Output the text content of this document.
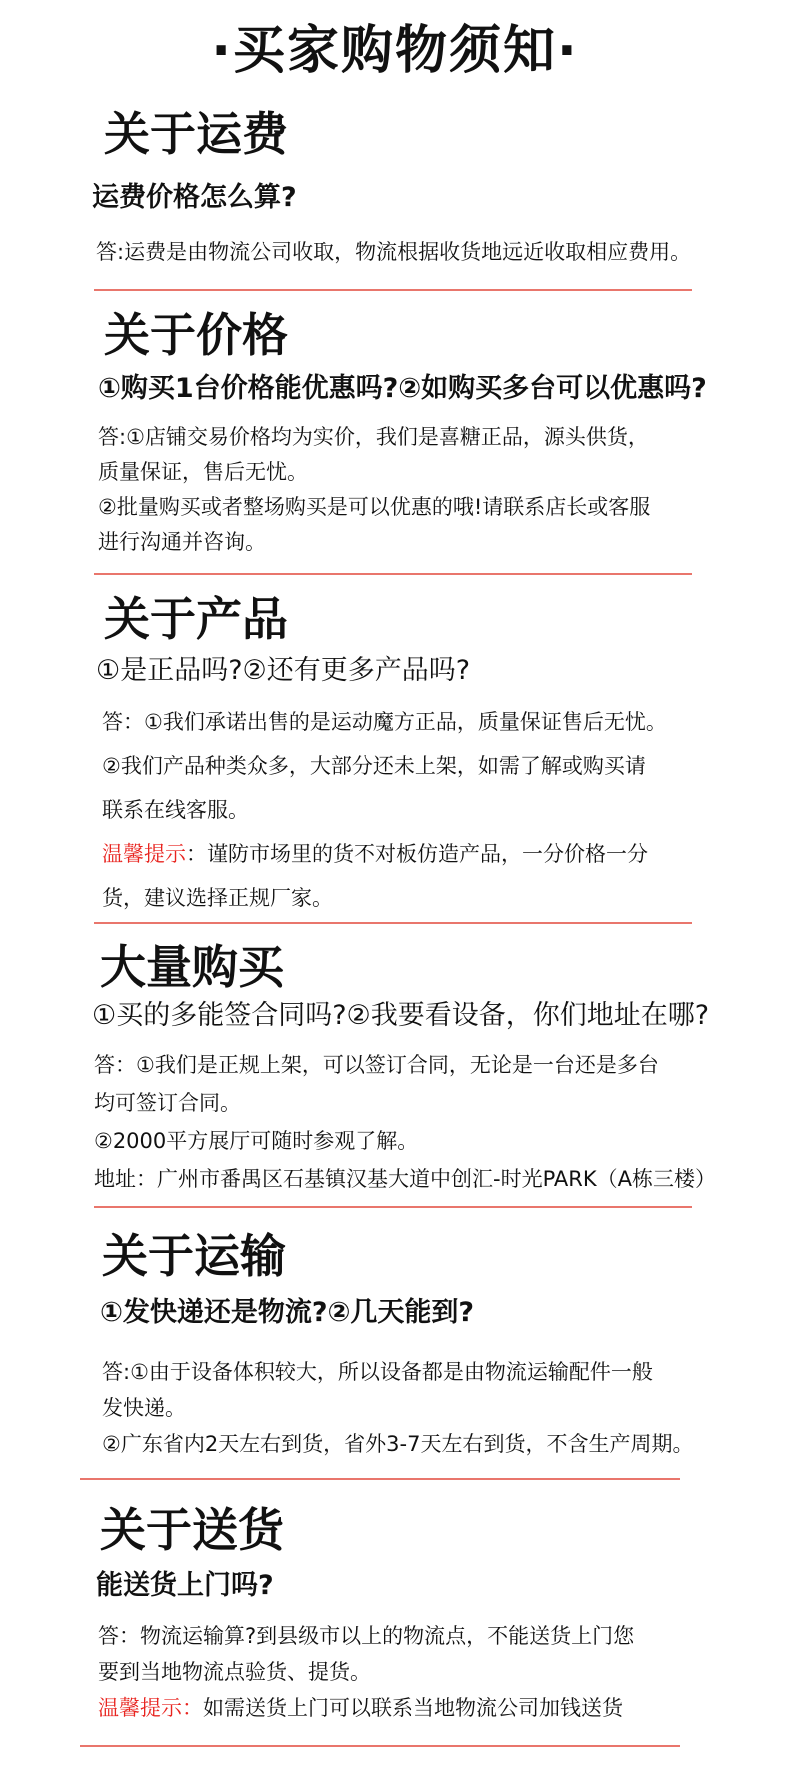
·买家购物须知·
关于运费
运费价格怎么算?
答:运费是由物流公司收取，物流根据收货地远近收取相应费用。
关于价格
①购买1台价格能优惠吗?②如购买多台可以优惠吗?
答:①店铺交易价格均为实价，我们是喜糖正品，源头供货，
质量保证，售后无忧。
②批量购买或者整场购买是可以优惠的哦!请联系店长或客服
进行沟通并咨询。
关于产品
①是正品吗?②还有更多产品吗?
答：①我们承诺出售的是运动魔方正品，质量保证售后无忧。
②我们产品种类众多，大部分还未上架，如需了解或购买请
联系在线客服。
温馨提示：谨防市场里的货不对板仿造产品，一分价格一分
货，建议选择正规厂家。
大量购买
①买的多能签合同吗?②我要看设备，你们地址在哪?
答：①我们是正规上架，可以签订合同，无论是一台还是多台
均可签订合同。
②2000平方展厅可随时参观了解。
地址：广州市番禺区石基镇汉基大道中创汇-时光PARK（A栋三楼）
关于运输
①发快递还是物流?②几天能到?
答:①由于设备体积较大，所以设备都是由物流运输配件一般
发快递。
②广东省内2天左右到货，省外3-7天左右到货，不含生产周期。
关于送货
能送货上门吗?
答：物流运输算?到县级市以上的物流点，不能送货上门您
要到当地物流点验货、提货。
温馨提示：如需送货上门可以联系当地物流公司加钱送货
